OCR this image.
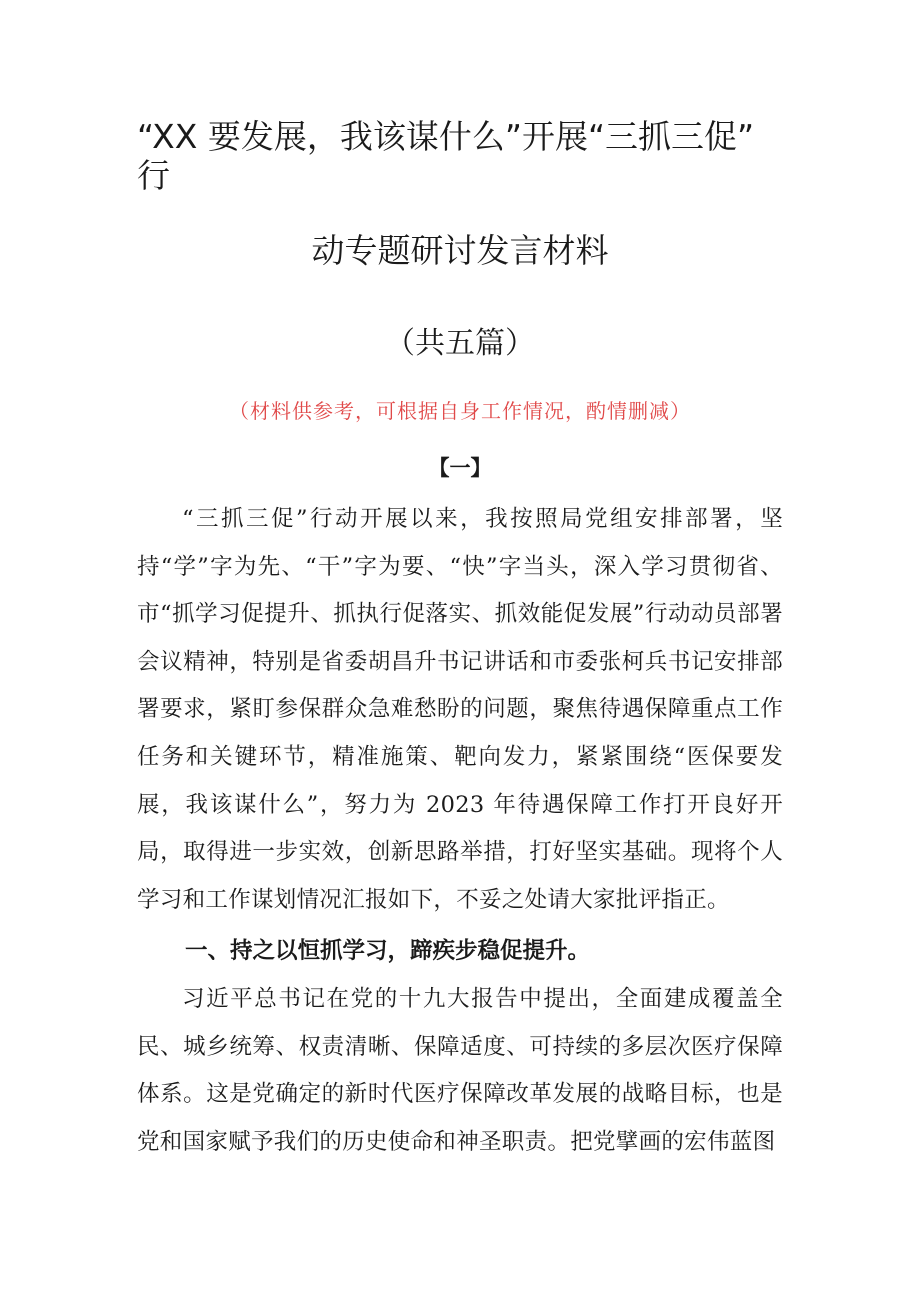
“XX 要发展，我该谋什么”开展“三抓三促”
行
动专题研讨发言材料
（共五篇）
（材料供参考，可根据自身工作情况，酌情删减）
【一】
“三抓三促”行动开展以来，我按照局党组安排部署，坚持“学”字为先、“干”字为要、“快”字当头，深入学习贯彻省、市“抓学习促提升、抓执行促落实、抓效能促发展”行动动员部署会议精神，特别是省委胡昌升书记讲话和市委张柯兵书记安排部署要求，紧盯参保群众急难愁盼的问题，聚焦待遇保障重点工作任务和关键环节，精准施策、靶向发力，紧紧围绕“医保要发展，我该谋什么”，努力为 2023 年待遇保障工作打开良好开局，取得进一步实效，创新思路举措，打好坚实基础。现将个人学习和工作谋划情况汇报如下，不妥之处请大家批评指正。
一、持之以恒抓学习，蹄疾步稳促提升。
习近平总书记在党的十九大报告中提出，全面建成覆盖全民、城乡统筹、权责清晰、保障适度、可持续的多层次医疗保障体系。这是党确定的新时代医疗保障改革发展的战略目标，也是党和国家赋予我们的历史使命和神圣职责。把党擘画的宏伟蓝图
